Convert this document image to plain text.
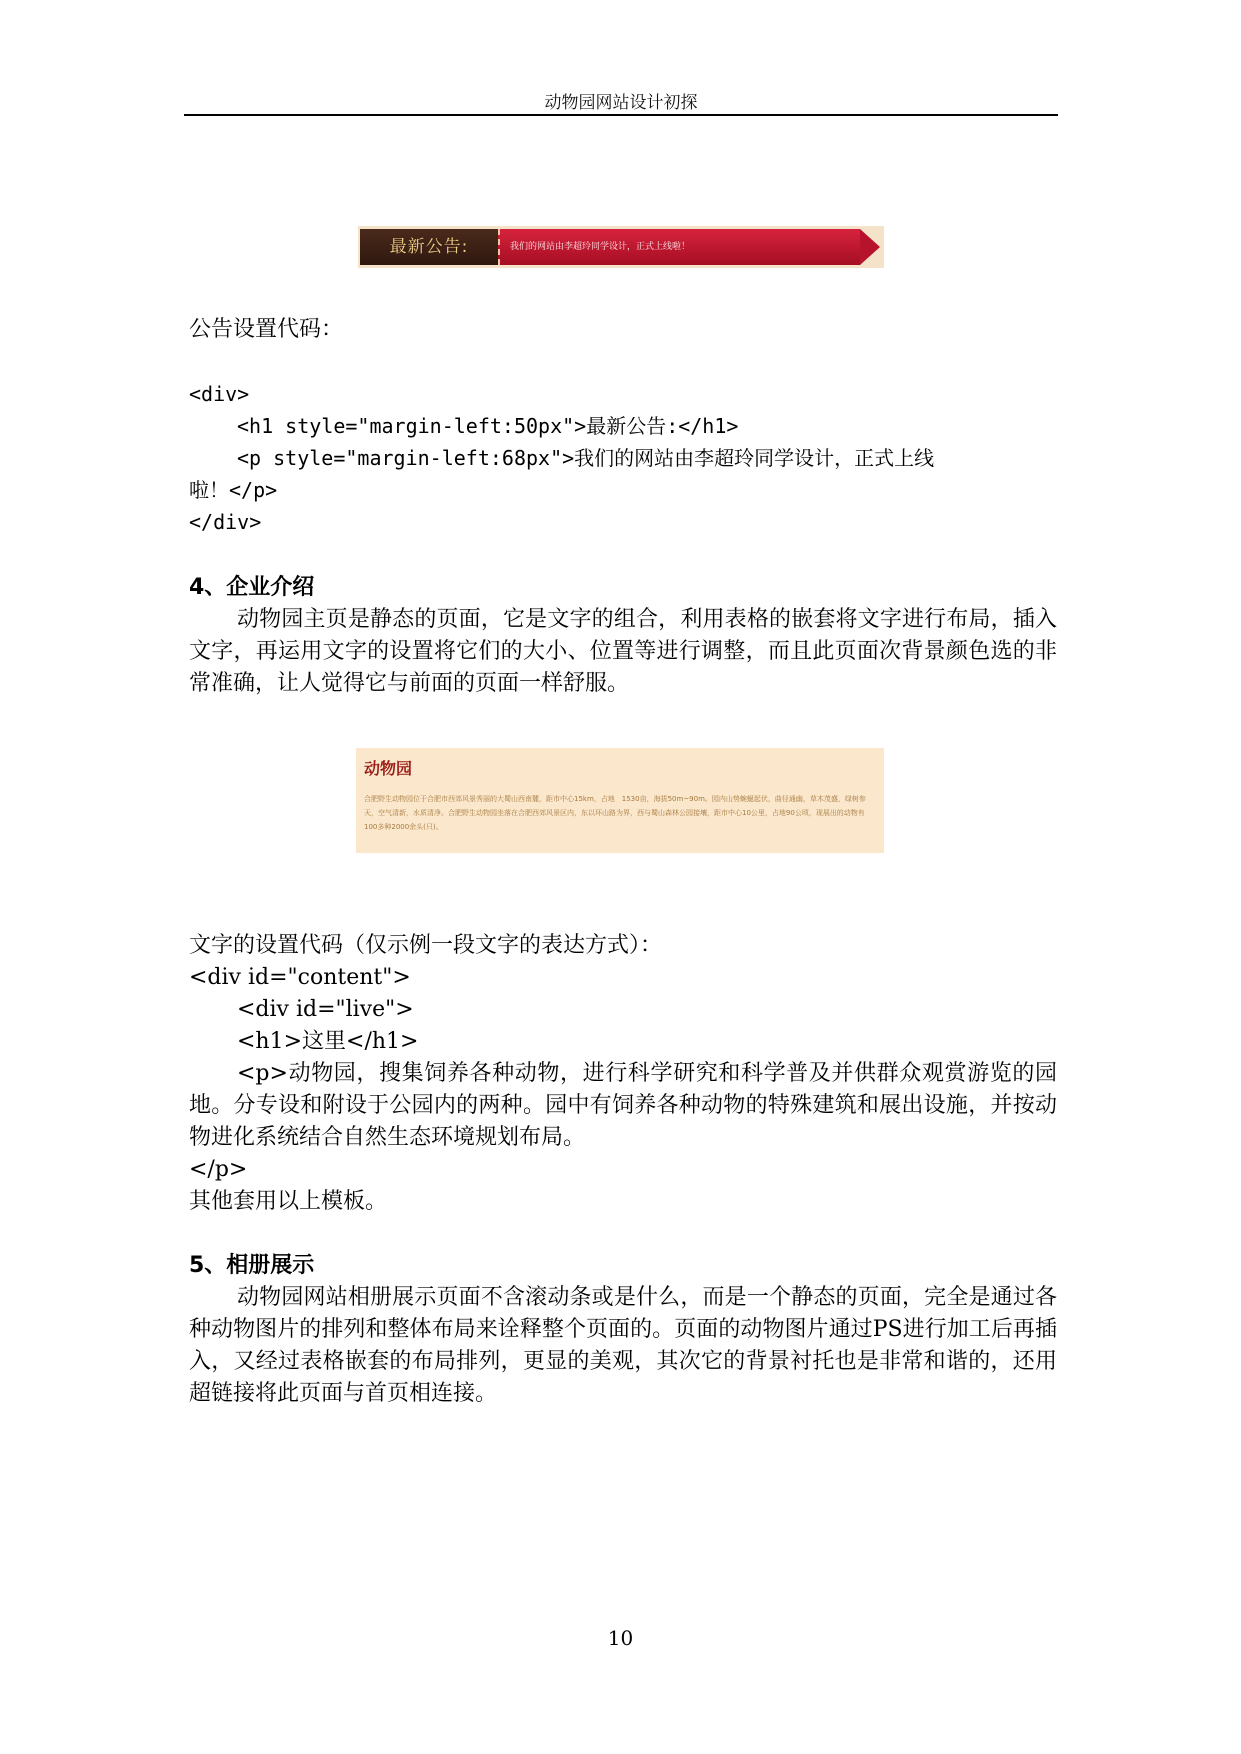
动物园网站设计初探
最新公告:	我们的网站由李超玲同学设计，正式上线啦！
公告设置代码：
<div>
<h1 style="margin-left:50px">最新公告:</h1>
<p style="margin-left:68px">我们的网站由李超玲同学设计，正式上线
啦！</p>
</div>
4、企业介绍
动物园主页是静态的页面，它是文字的组合，利用表格的嵌套将文字进行布局，插入文字，再运用文字的设置将它们的大小、位置等进行调整，而且此页面次背景颜色选的非常准确，让人觉得它与前面的页面一样舒服。
动物园
合肥野生动物园位于合肥市西郊风景秀丽的大蜀山西南麓，距市中心15km，占地　1530亩，海拔50m~90m。园内山势蜿蜒起伏，曲径通幽，草木茂盛，绿树参天，空气清新，水质清净。合肥野生动物园坐落在合肥西郊风景区内，东以环山路为界，西与蜀山森林公园接壤，距市中心10公里，占地90公顷，现展出的动物有100多种2000余头(只)。
文字的设置代码（仅示例一段文字的表达方式）：
<div id="content">
<div id="live">
<h1>这里</h1>
<p>动物园，搜集饲养各种动物，进行科学研究和科学普及并供群众观赏游览的园地。分专设和附设于公园内的两种。园中有饲养各种动物的特殊建筑和展出设施，并按动物进化系统结合自然生态环境规划布局。
</p>
其他套用以上模板。
5、相册展示
动物园网站相册展示页面不含滚动条或是什么，而是一个静态的页面，完全是通过各种动物图片的排列和整体布局来诠释整个页面的。页面的动物图片通过PS进行加工后再插入，又经过表格嵌套的布局排列，更显的美观，其次它的背景衬托也是非常和谐的，还用超链接将此页面与首页相连接。
10
